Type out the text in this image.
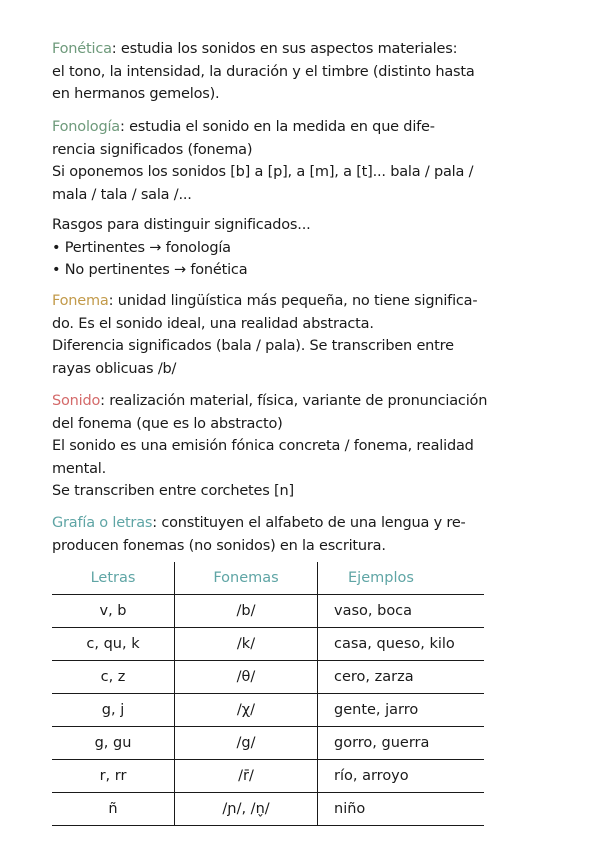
Fonética: estudia los sonidos en sus aspectos materiales:
el tono, la intensidad, la duración y el timbre (distinto hasta
en hermanos gemelos).
Fonología: estudia el sonido en la medida en que dife-
rencia significados (fonema)
Si oponemos los sonidos [b] a [p], a [m], a [t]... bala / pala /
mala / tala / sala /...
Rasgos para distinguir significados...
• Pertinentes → fonología
• No pertinentes → fonética
Fonema: unidad lingüística más pequeña, no tiene significa-
do. Es el sonido ideal, una realidad abstracta.
Diferencia significados (bala / pala). Se transcriben entre
rayas oblicuas /b/
Sonido: realización material, física, variante de pronunciación
del fonema (que es lo abstracto)
El sonido es una emisión fónica concreta / fonema, realidad
mental.
Se transcriben entre corchetes [n]
Grafía o letras: constituyen el alfabeto de una lengua y re-
producen fonemas (no sonidos) en la escritura.
Letras	Fonemas	Ejemplos
v, b	/b/	vaso, boca
c, qu, k	/k/	casa, queso, kilo
c, z	/θ/	cero, zarza
g, j	/χ/	gente, jarro
g, gu	/g/	gorro, guerra
r, rr	/r̄/	río, arroyo
ñ	/ɲ/, /n̬/	niño
